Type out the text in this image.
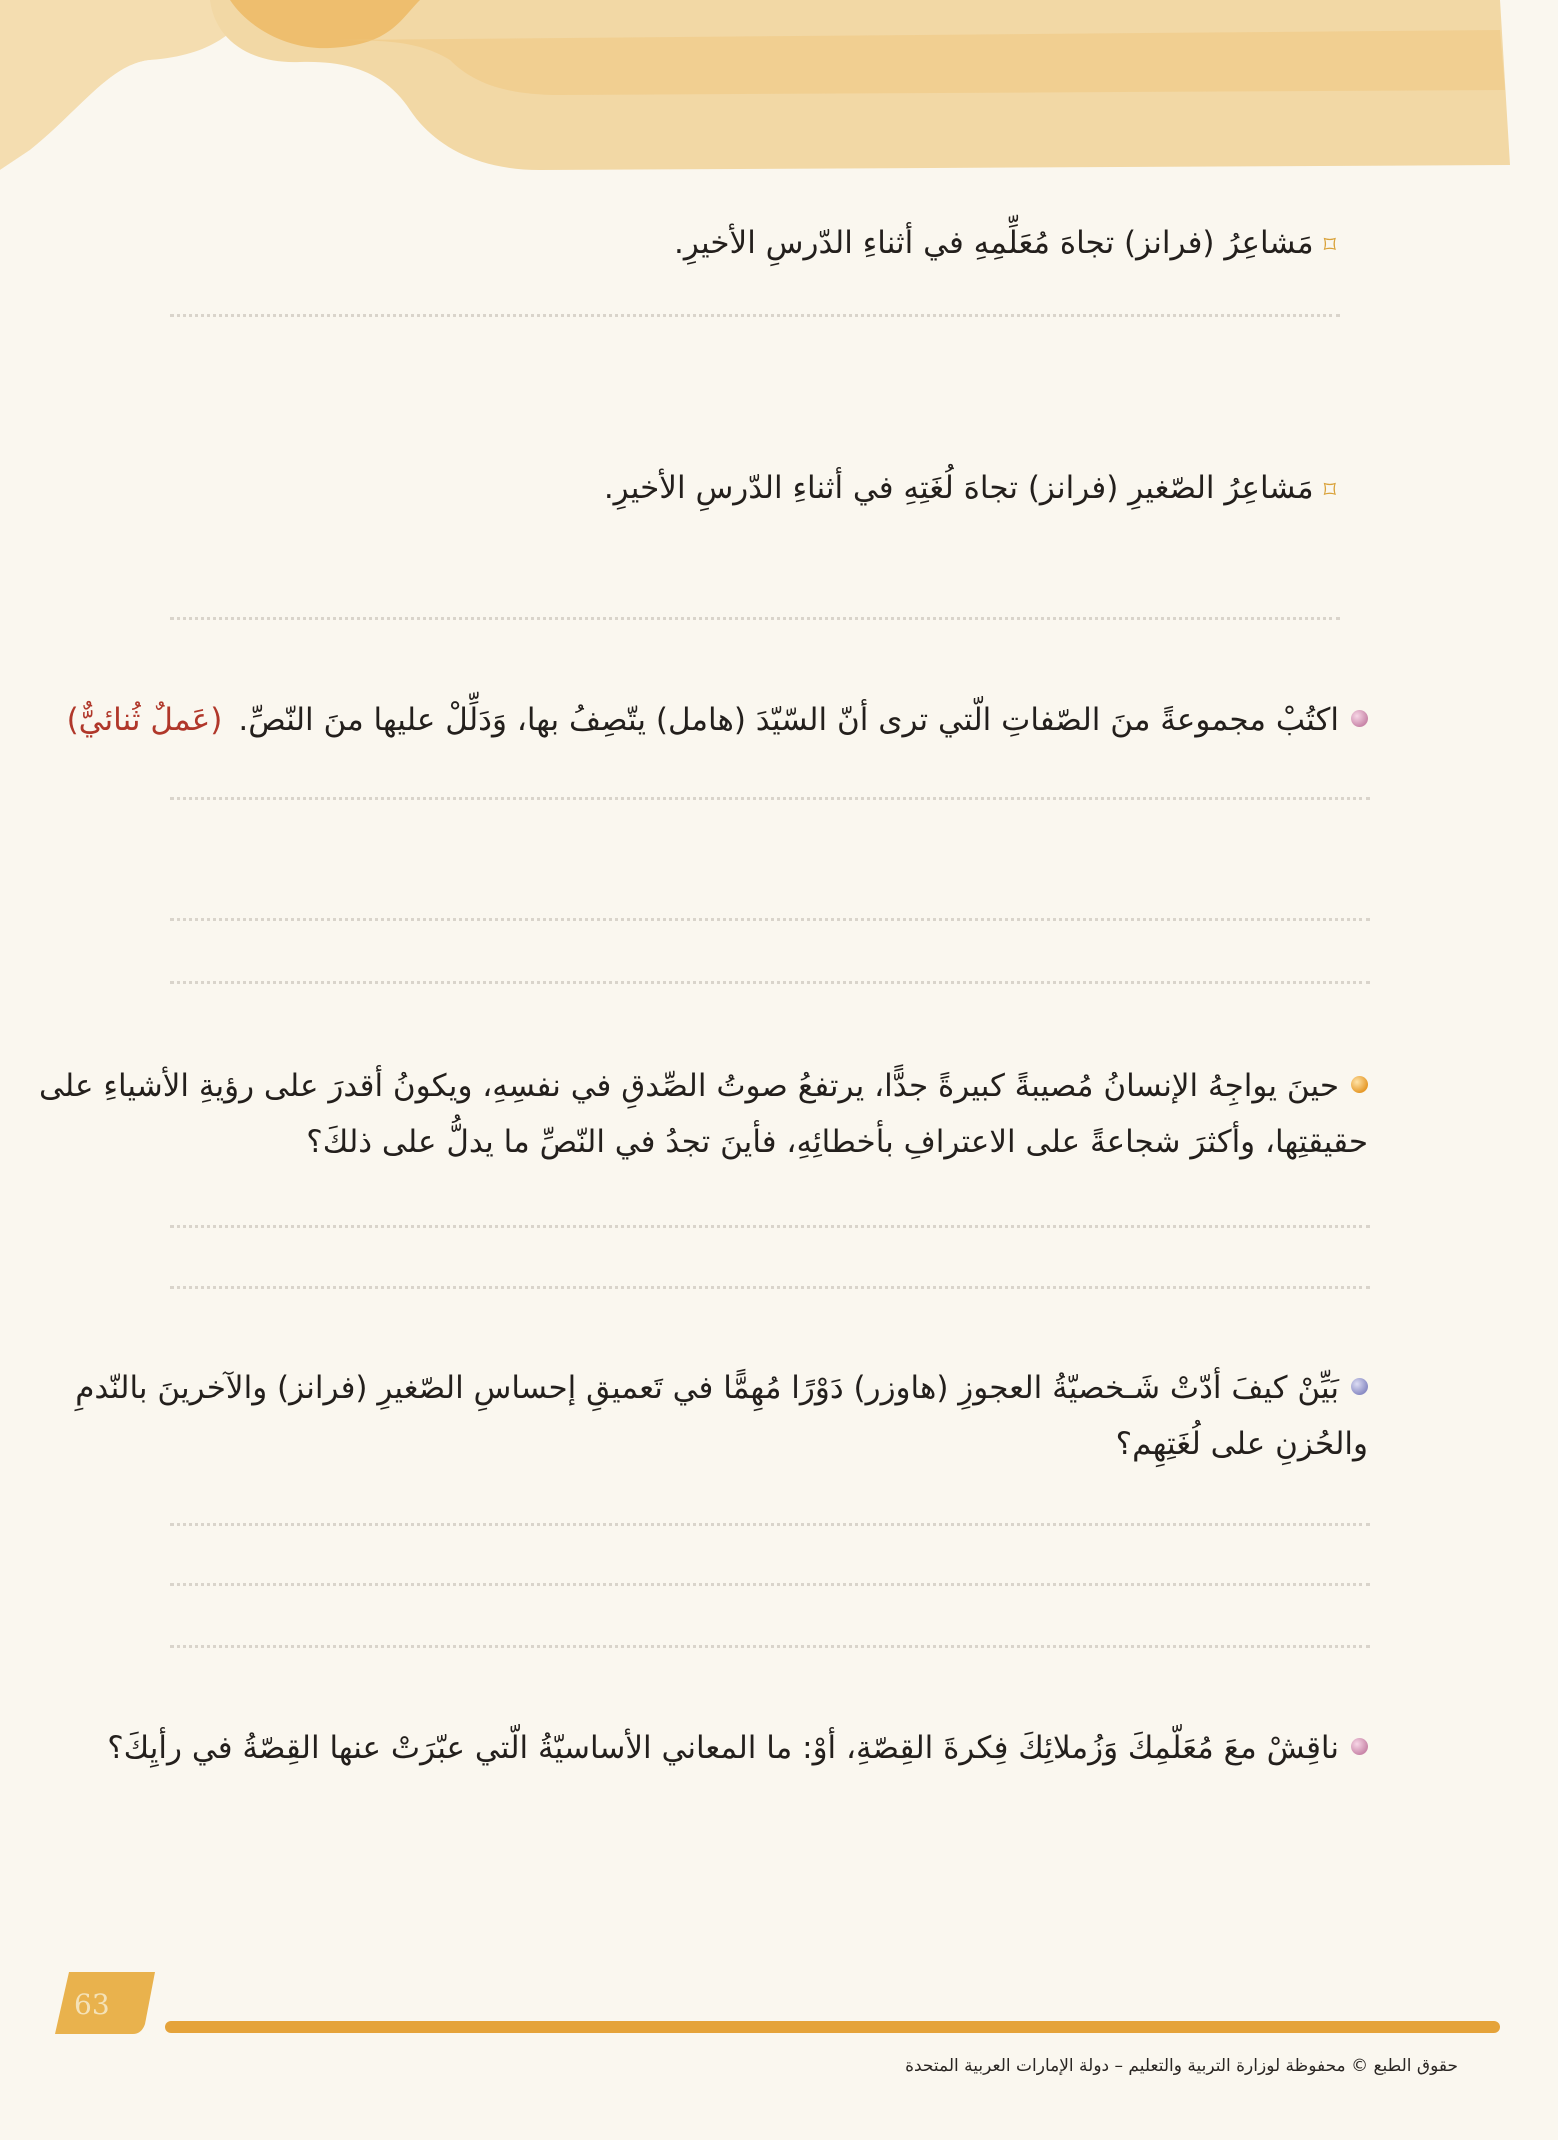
⌑مَشاعِرُ (فرانز) تجاهَ مُعَلِّمِهِ في أثناءِ الدّرسِ الأخيرِ.
⌑مَشاعِرُ الصّغيرِ (فرانز) تجاهَ لُغَتِهِ في أثناءِ الدّرسِ الأخيرِ.
اكتُبْ مجموعةً منَ الصّفاتِ الّتي ترى أنّ السّيّدَ (هامل) يتّصِفُ بها، وَدَلِّلْ عليها منَ النّصِّ.(عَملٌ ثُنائيٌّ)
حينَ يواجِهُ الإنسانُ مُصيبةً كبيرةً جدًّا، يرتفعُ صوتُ الصِّدقِ في نفسِهِ، ويكونُ أقدرَ على رؤيةِ الأشياءِ على
حقيقتِها، وأكثرَ شجاعةً على الاعترافِ بأخطائِهِ، فأينَ تجدُ في النّصِّ ما يدلُّ على ذلكَ؟
بَيِّنْ كيفَ أدّتْ شَـخصيّةُ العجوزِ (هاوزر) دَوْرًا مُهِمًّا في تَعميقِ إحساسِ الصّغيرِ (فرانز) والآخرينَ بالنّدمِ
والحُزنِ على لُغَتِهِم؟
ناقِشْ معَ مُعَلّمِكَ وَزُملائِكَ فِكرةَ القِصّةِ، أوْ: ما المعاني الأساسيّةُ الّتي عبّرَتْ عنها القِصّةُ في رأيِكَ؟
63
حقوق الطبع © محفوظة لوزارة التربية والتعليم – دولة الإمارات العربية المتحدة
